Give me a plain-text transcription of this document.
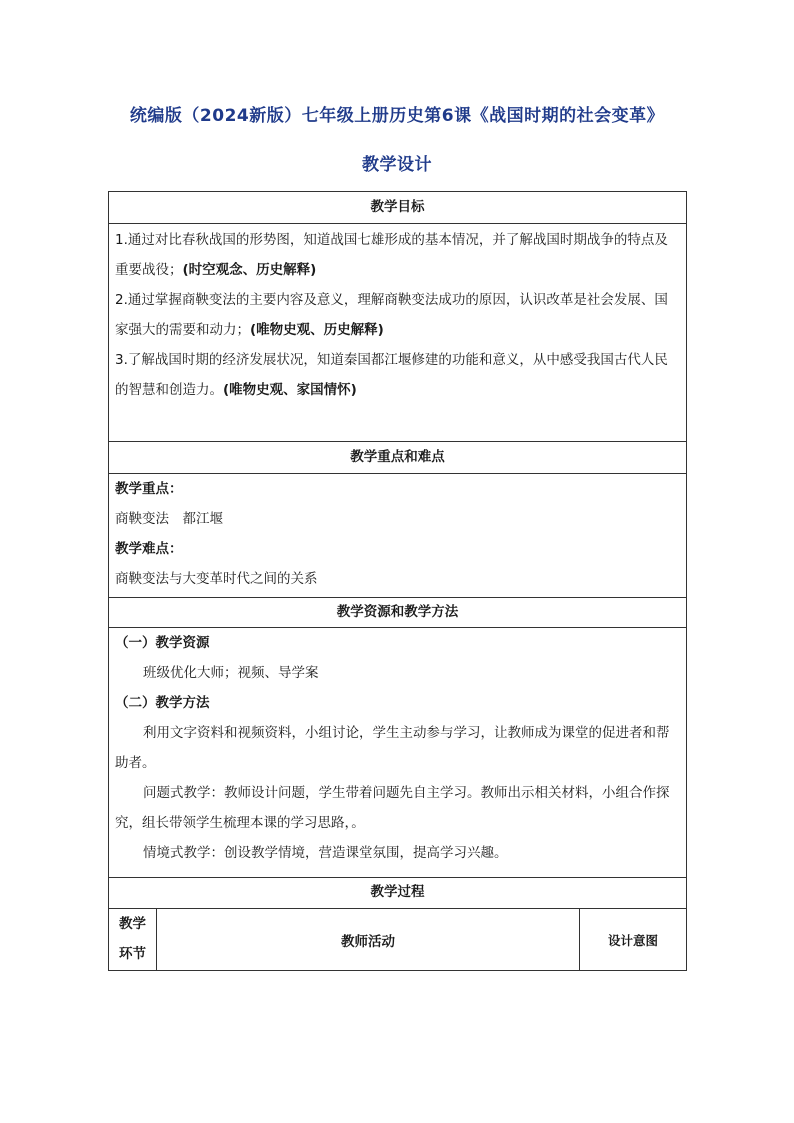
统编版（2024新版）七年级上册历史第6课《战国时期的社会变革》
教学设计
教学目标

1.通过对比春秋战国的形势图，知道战国七雄形成的基本情况，并了解战国时期战争的特点及重要战役；(时空观念、历史解释)

2.通过掌握商鞅变法的主要内容及意义，理解商鞅变法成功的原因，认识改革是社会发展、国家强大的需要和动力；(唯物史观、历史解释)

3.了解战国时期的经济发展状况，知道秦国都江堰修建的功能和意义，从中感受我国古代人民的智慧和创造力。(唯物史观、家国情怀)

教学重点和难点

教学重点：

商鞅变法　都江堰

教学难点：

商鞅变法与大变革时代之间的关系

教学资源和教学方法

（一）教学资源

班级优化大师；视频、导学案

（二）教学方法

利用文字资料和视频资料，小组讨论，学生主动参与学习，让教师成为课堂的促进者和帮助者。

问题式教学：教师设计问题，学生带着问题先自主学习。教师出示相关材料，小组合作探究，组长带领学生梳理本课的学习思路，。

情境式教学：创设教学情境，营造课堂氛围，提高学习兴趣。

教学过程

教学
环节
	教师活动	设计意图
